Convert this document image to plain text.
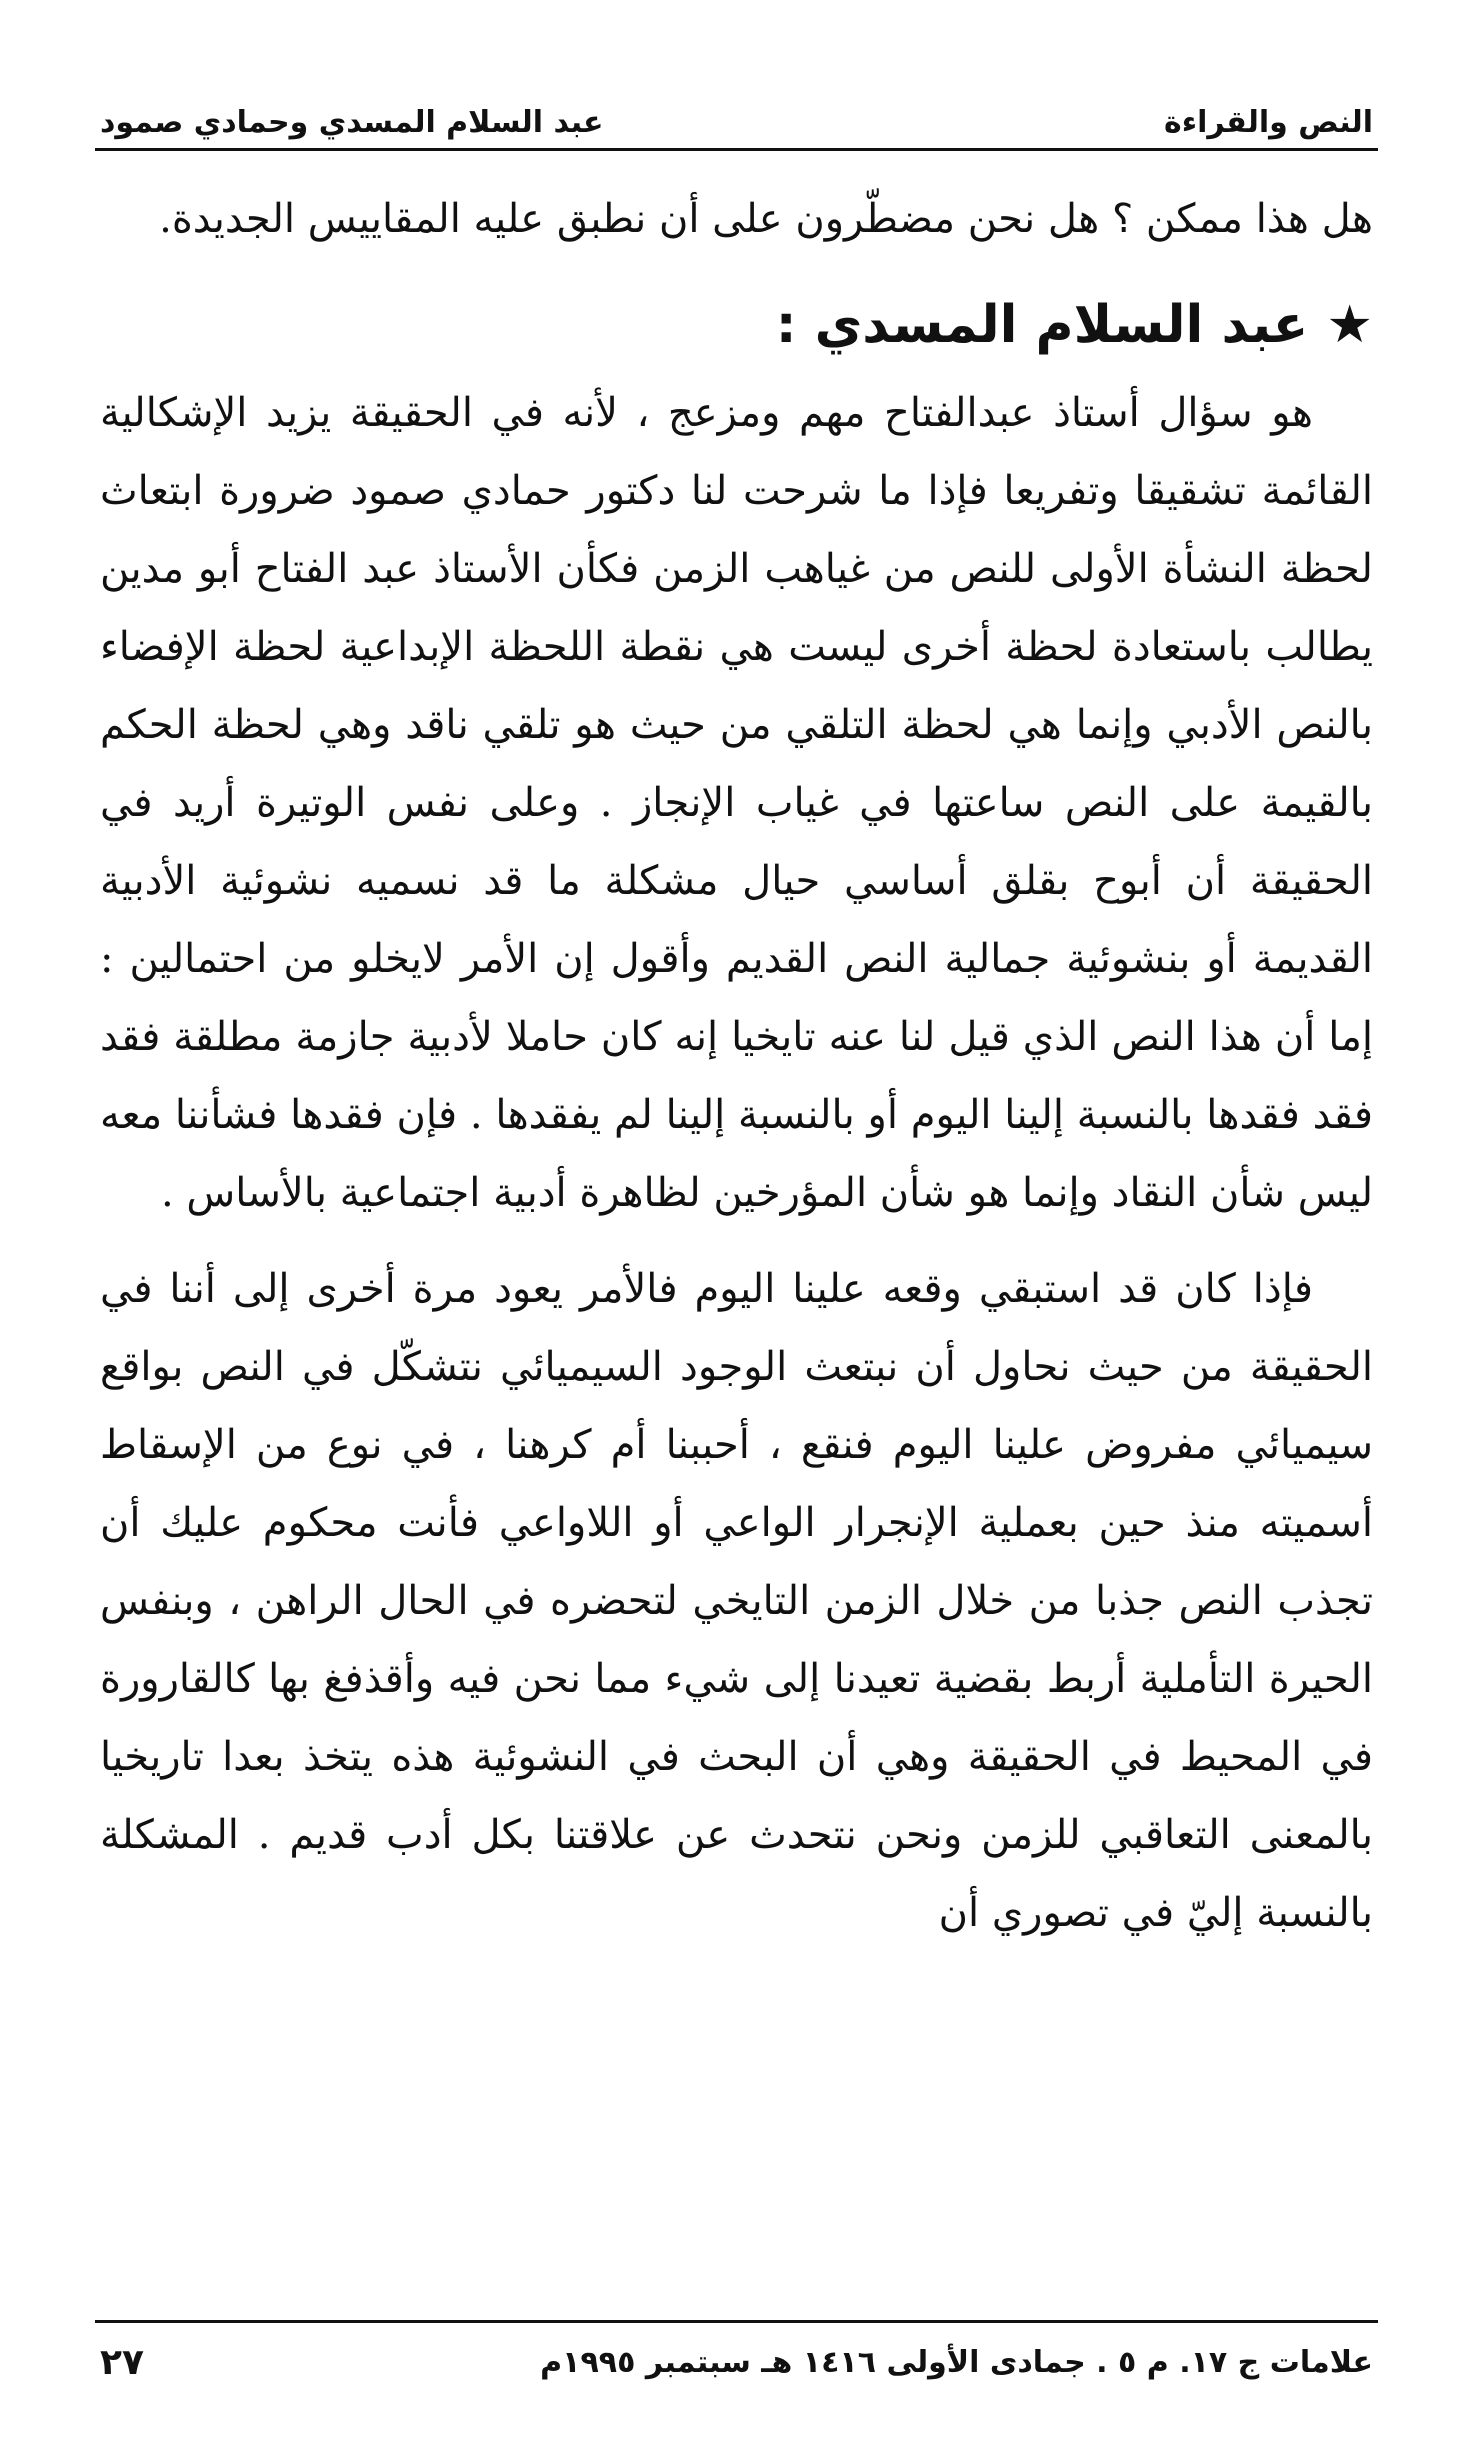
النص والقراءة
عبد السلام المسدي وحمادي صمود

هل هذا ممكن ؟ هل نحن مضطّرون على أن نطبق عليه المقاييس الجديدة.

★ عبد السلام المسدي :

هو سؤال أستاذ عبدالفتاح مهم ومزعج ، لأنه في الحقيقة يزيد الإشكالية القائمة تشقيقا وتفريعا فإذا ما شرحت لنا دكتور حمادي صمود ضرورة ابتعاث لحظة النشأة الأولى للنص من غياهب الزمن فكأن الأستاذ عبد الفتاح أبو مدين يطالب باستعادة لحظة أخرى ليست هي نقطة اللحظة الإبداعية لحظة الإفضاء بالنص الأدبي وإنما هي لحظة التلقي من حيث هو تلقي ناقد وهي لحظة الحكم بالقيمة على النص ساعتها في غياب الإنجاز . وعلى نفس الوتيرة أريد في الحقيقة أن أبوح بقلق أساسي حيال مشكلة ما قد نسميه نشوئية الأدبية القديمة أو بنشوئية جمالية النص القديم وأقول إن الأمر لايخلو من احتمالين : إما أن هذا النص الذي قيل لنا عنه تايخيا إنه كان حاملا لأدبية جازمة مطلقة فقد فقد فقدها بالنسبة إلينا اليوم أو بالنسبة إلينا لم يفقدها . فإن فقدها فشأننا معه ليس شأن النقاد وإنما هو شأن المؤرخين لظاهرة أدبية اجتماعية بالأساس .

فإذا كان قد استبقي وقعه علينا اليوم فالأمر يعود مرة أخرى إلى أننا في الحقيقة من حيث نحاول أن نبتعث الوجود السيميائي نتشكّل في النص بواقع سيميائي مفروض علينا اليوم فنقع ، أحببنا أم كرهنا ، في نوع من الإسقاط أسميته منذ حين بعملية الإنجرار الواعي أو اللاواعي فأنت محكوم عليك أن تجذب النص جذبا من خلال الزمن التايخي لتحضره في الحال الراهن ، وبنفس الحيرة التأملية أربط بقضية تعيدنا إلى شيء مما نحن فيه وأقذفغ بها كالقارورة في المحيط في الحقيقة وهي أن البحث في النشوئية هذه يتخذ بعدا تاريخيا بالمعنى التعاقبي للزمن ونحن نتحدث عن علاقتنا بكل أدب قديم . المشكلة بالنسبة إليّ في تصوري أن

علامات ج ١٧. م ٥ . جمادى الأولى ١٤١٦ هـ سبتمبر ١٩٩٥م
٢٧
